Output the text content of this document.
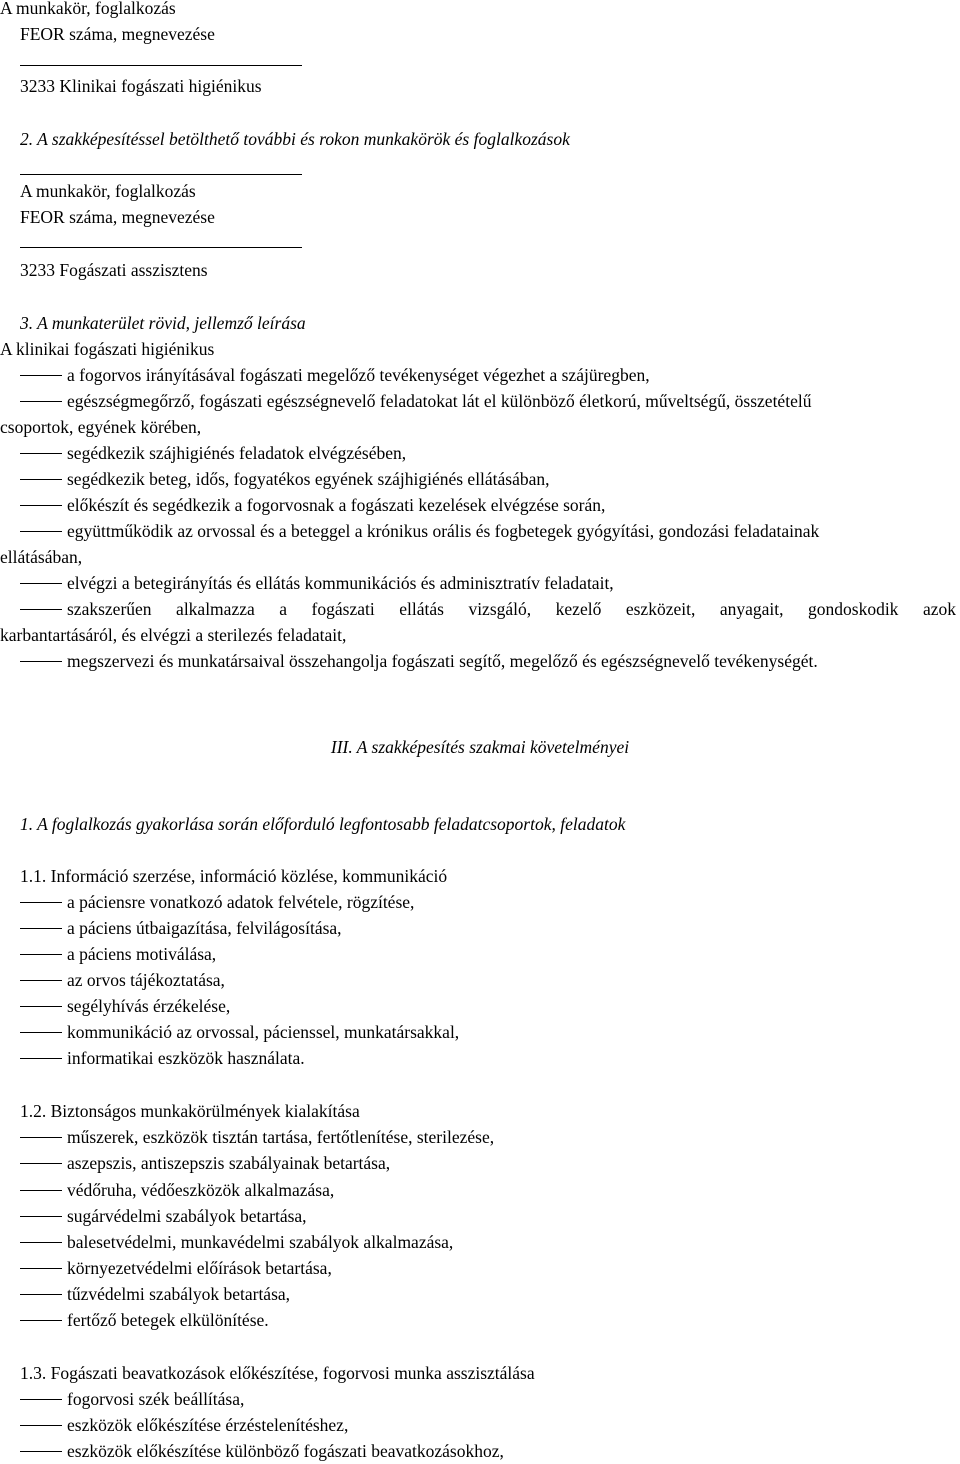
A munkakör, foglalkozás
FEOR száma, megnevezése
3233 Klinikai fogászati higiénikus
2. A szakképesítéssel betölthető további és rokon munkakörök és foglalkozások
A munkakör, foglalkozás
FEOR száma, megnevezése
3233 Fogászati asszisztens
3. A munkaterület rövid, jellemző leírása
A klinikai fogászati higiénikus
a fogorvos irányításával fogászati megelőző tevékenységet végezhet a szájüregben,
egészségmegőrző, fogászati egészségnevelő feladatokat lát el különböző életkorú, műveltségű, összetételű
csoportok, egyének körében,
segédkezik szájhigiénés feladatok elvégzésében,
segédkezik beteg, idős, fogyatékos egyének szájhigiénés ellátásában,
előkészít és segédkezik a fogorvosnak a fogászati kezelések elvégzése során,
együttműködik az orvossal és a beteggel a krónikus orális és fogbetegek gyógyítási, gondozási feladatainak
ellátásában,
elvégzi a betegirányítás és ellátás kommunikációs és adminisztratív feladatait,
szakszerűen alkalmazza a fogászati ellátás vizsgáló, kezelő eszközeit, anyagait, gondoskodik azok
karbantartásáról, és elvégzi a sterilezés feladatait,
megszervezi és munkatársaival összehangolja fogászati segítő, megelőző és egészségnevelő tevékenységét.
III. A szakképesítés szakmai követelményei
1. A foglalkozás gyakorlása során előforduló legfontosabb feladatcsoportok, feladatok
1.1. Információ szerzése, információ közlése, kommunikáció
a páciensre vonatkozó adatok felvétele, rögzítése,
a páciens útbaigazítása, felvilágosítása,
a páciens motiválása,
az orvos tájékoztatása,
segélyhívás érzékelése,
kommunikáció az orvossal, pácienssel, munkatársakkal,
informatikai eszközök használata.
1.2. Biztonságos munkakörülmények kialakítása
műszerek, eszközök tisztán tartása, fertőtlenítése, sterilezése,
aszepszis, antiszepszis szabályainak betartása,
védőruha, védőeszközök alkalmazása,
sugárvédelmi szabályok betartása,
balesetvédelmi, munkavédelmi szabályok alkalmazása,
környezetvédelmi előírások betartása,
tűzvédelmi szabályok betartása,
fertőző betegek elkülönítése.
1.3. Fogászati beavatkozások előkészítése, fogorvosi munka asszisztálása
fogorvosi szék beállítása,
eszközök előkészítése érzéstelenítéshez,
eszközök előkészítése különböző fogászati beavatkozásokhoz,
